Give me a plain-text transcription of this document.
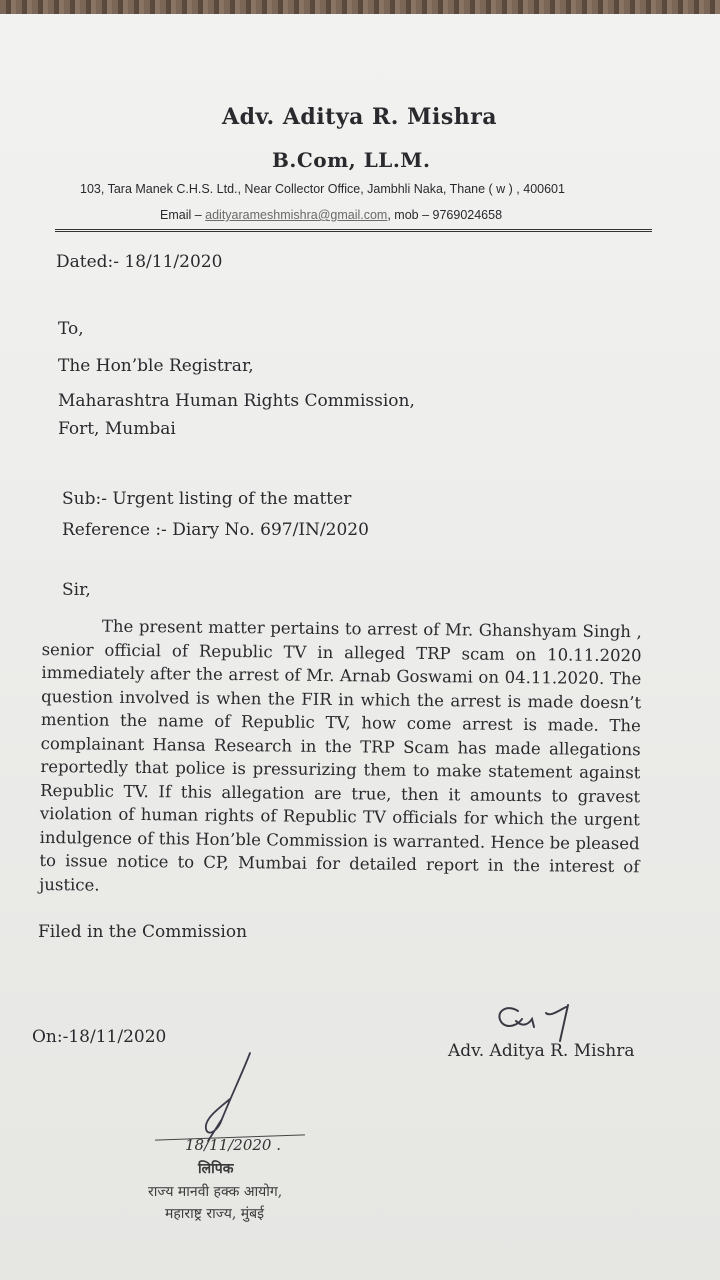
Adv. Aditya R. Mishra
B.Com, LL.M.
103, Tara Manek C.H.S. Ltd., Near Collector Office, Jambhli Naka, Thane ( w ) , 400601
Email – adityarameshmishra@gmail.com, mob – 9769024658
Dated:- 18/11/2020
To,
The Hon’ble Registrar,
Maharashtra Human Rights Commission,
Fort, Mumbai
Sub:- Urgent listing of the matter
Reference :- Diary No. 697/IN/2020
Sir,
The present matter pertains to arrest of Mr. Ghanshyam Singh , senior official of Republic TV in alleged TRP scam on 10.11.2020 immediately after the arrest of Mr. Arnab Goswami on 04.11.2020. The question involved is when the FIR in which the arrest is made doesn’t mention the name of Republic TV, how come arrest is made. The complainant Hansa Research in the TRP Scam has made allegations reportedly that police is pressurizing them to make statement against Republic TV. If this allegation are true, then it amounts to gravest violation of human rights of Republic TV officials for which the urgent indulgence of this Hon’ble Commission is warranted. Hence be pleased to issue notice to CP, Mumbai for detailed report in the interest of justice.
Filed in the Commission
On:-18/11/2020
Adv. Aditya R. Mishra
18/11/2020 .
लिपिक
राज्य मानवी हक्क आयोग,
महाराष्ट्र राज्य, मुंबई
